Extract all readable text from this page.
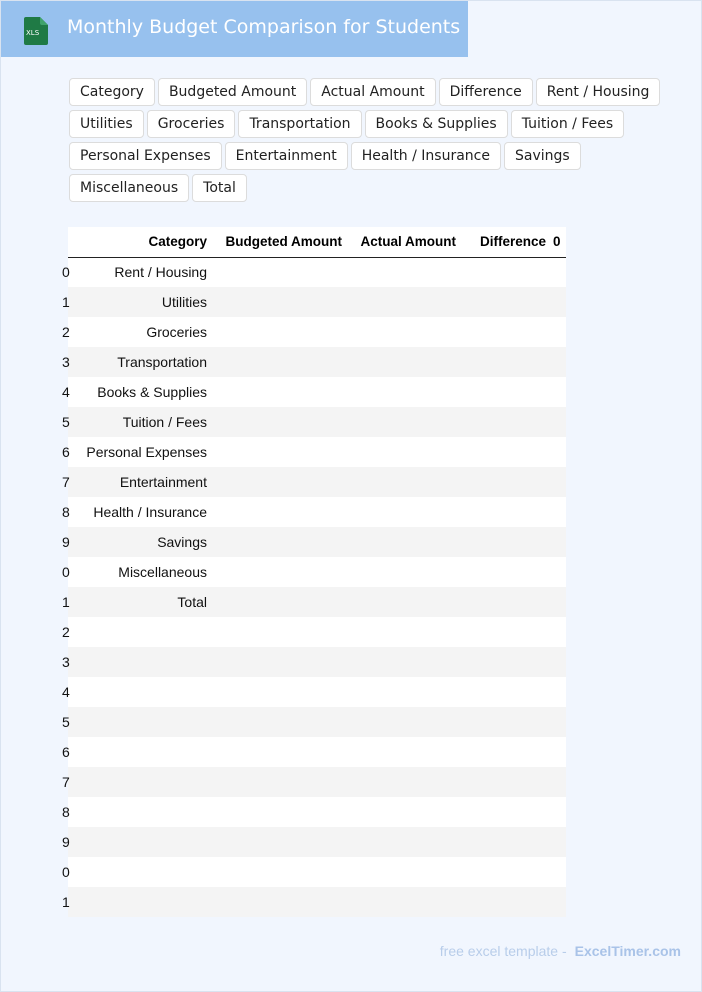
XLS Monthly Budget Comparison for Students
Category	Budgeted Amount	Actual Amount	Difference	Rent / Housing
Utilities	Groceries	Transportation	Books & Supplies	Tuition / Fees
Personal Expenses	Entertainment	Health / Insurance	Savings
Miscellaneous	Total
	Category	Budgeted Amount	Actual Amount	Difference	0
0	Rent / Housing				
1	Utilities				
2	Groceries				
3	Transportation				
4	Books & Supplies				
5	Tuition / Fees				
6	Personal Expenses				
7	Entertainment				
8	Health / Insurance				
9	Savings				
0	Miscellaneous				
1	Total				
2					
3					
4					
5					
6					
7					
8					
9					
0					
1					
free excel template - ExcelTimer.com
